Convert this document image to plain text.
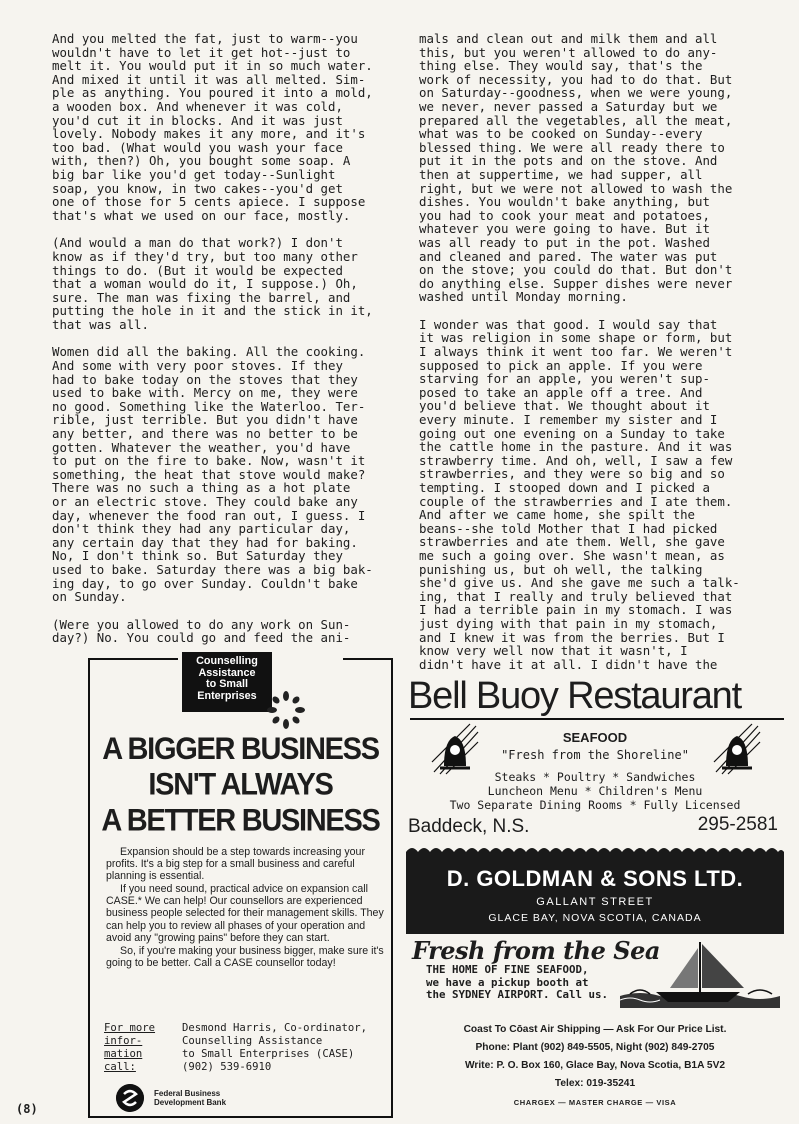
And you melted the fat, just to warm--you
wouldn't have to let it get hot--just to
melt it. You would put it in so much water.
And mixed it until it was all melted. Sim-
ple as anything. You poured it into a mold,
a wooden box. And whenever it was cold,
you'd cut it in blocks. And it was just
lovely. Nobody makes it any more, and it's
too bad. (What would you wash your face
with, then?) Oh, you bought some soap. A
big bar like you'd get today--Sunlight
soap, you know, in two cakes--you'd get
one of those for 5 cents apiece. I suppose
that's what we used on our face, mostly.

(And would a man do that work?) I don't
know as if they'd try, but too many other
things to do. (But it would be expected
that a woman would do it, I suppose.) Oh,
sure. The man was fixing the barrel, and
putting the hole in it and the stick in it,
that was all.

Women did all the baking. All the cooking.
And some with very poor stoves. If they
had to bake today on the stoves that they
used to bake with. Mercy on me, they were
no good. Something like the Waterloo. Ter-
rible, just terrible. But you didn't have
any better, and there was no better to be
gotten. Whatever the weather, you'd have
to put on the fire to bake. Now, wasn't it
something, the heat that stove would make?
There was no such a thing as a hot plate
or an electric stove. They could bake any
day, whenever the food ran out, I guess. I
don't think they had any particular day,
any certain day that they had for baking.
No, I don't think so. But Saturday they
used to bake. Saturday there was a big bak-
ing day, to go over Sunday. Couldn't bake
on Sunday.

(Were you allowed to do any work on Sun-
day?) No. You could go and feed the ani-

mals and clean out and milk them and all
this, but you weren't allowed to do any-
thing else. They would say, that's the
work of necessity, you had to do that. But
on Saturday--goodness, when we were young,
we never, never passed a Saturday but we
prepared all the vegetables, all the meat,
what was to be cooked on Sunday--every
blessed thing. We were all ready there to
put it in the pots and on the stove. And
then at suppertime, we had supper, all
right, but we were not allowed to wash the
dishes. You wouldn't bake anything, but
you had to cook your meat and potatoes,
whatever you were going to have. But it
was all ready to put in the pot. Washed
and cleaned and pared. The water was put
on the stove; you could do that. But don't
do anything else. Supper dishes were never
washed until Monday morning.

I wonder was that good. I would say that
it was religion in some shape or form, but
I always think it went too far. We weren't
supposed to pick an apple. If you were
starving for an apple, you weren't sup-
posed to take an apple off a tree. And
you'd believe that. We thought about it
every minute. I remember my sister and I
going out one evening on a Sunday to take
the cattle home in the pasture. And it was
strawberry time. And oh, well, I saw a few
strawberries, and they were so big and so
tempting. I stooped down and I picked a
couple of the strawberries and I ate them.
And after we came home, she spilt the
beans--she told Mother that I had picked
strawberries and ate them. Well, she gave
me such a going over. She wasn't mean, as
punishing us, but oh well, the talking
she'd give us. And she gave me such a talk-
ing, that I really and truly believed that
I had a terrible pain in my stomach. I was
just dying with that pain in my stomach,
and I knew it was from the berries. But I
know very well now that it wasn't, I
didn't have it at all. I didn't have the

Counselling
Assistance
to Small
Enterprises
A BIGGER BUSINESS
ISN'T ALWAYS
A BETTER BUSINESS

Expansion should be a step towards increasing your profits. It's a big step for a small business and careful planning is essential.

If you need sound, practical advice on expansion call CASE.* We can help! Our counsellors are experienced business people selected for their management skills. They can help you to review all phases of your operation and avoid any "growing pains" before they can start.

So, if you're making your business bigger, make sure it's going to be better. Call a CASE counsellor today!

For more
infor-
mation
call:
Desmond Harris, Co-ordinator,
Counselling Assistance
to Small Enterprises (CASE)
(902) 539-6910
Federal Business
Development Bank
Bell Buoy Restaurant
SEAFOOD
"Fresh from the Shoreline"
Steaks * Poultry * Sandwiches
Luncheon Menu * Children's Menu
Two Separate Dining Rooms * Fully Licensed
Baddeck, N.S.	295-2581
D. GOLDMAN & SONS LTD.
GALLANT STREET
GLACE BAY, NOVA SCOTIA, CANADA
Fresh from the Sea
THE HOME OF FINE SEAFOOD,
we have a pickup booth at
the SYDNEY AIRPORT. Call us.
Coast To Cōast Air Shipping — Ask For Our Price List.
Phone: Plant (902) 849-5505, Night (902) 849-2705
Write: P. O. Box 160, Glace Bay, Nova Scotia, B1A 5V2
Telex: 019-35241
CHARGEX — MASTER CHARGE — VISA
(8)
